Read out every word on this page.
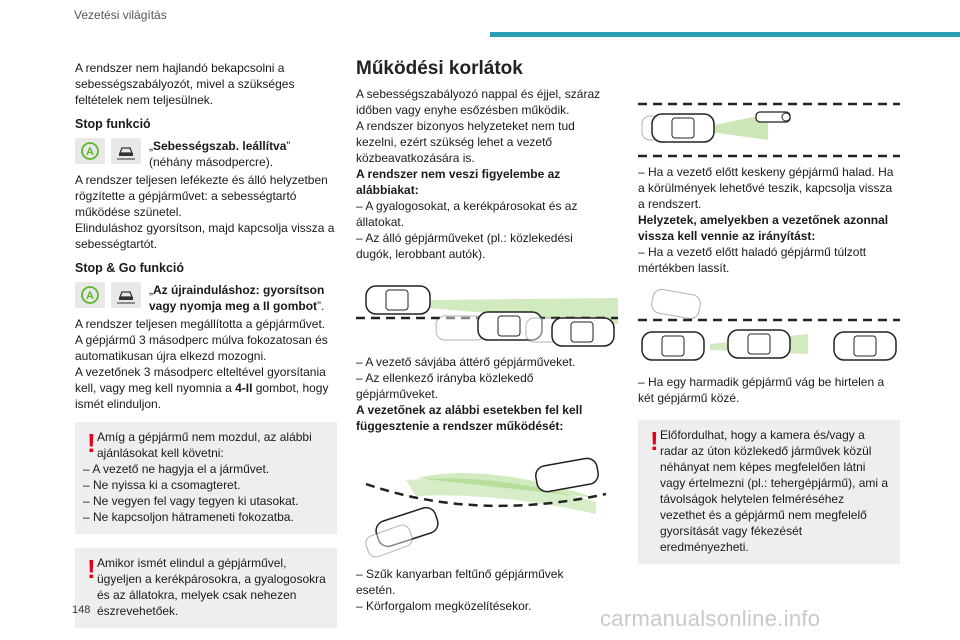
Vezetési világítás

A rendszer nem hajlandó bekapcsolni a sebességszabályozót, mivel a szükséges feltételek nem teljesülnek.

Stop funkció

A	„Sebességszab. leállítva” (néhány másodpercre).

A rendszer teljesen lefékezte és álló helyzetben rögzítette a gépjárművet: a sebességtartó működése szünetel.

Elinduláshoz gyorsítson, majd kapcsolja vissza a sebességtartót.

Stop & Go funkció

A	„Az újrainduláshoz: gyorsítson vagy nyomja meg a II gombot”.

A rendszer teljesen megállította a gépjárművet.

A gépjármű 3 másodperc múlva fokozatosan és automatikusan újra elkezd mozogni.

A vezetőnek 3 másodperc elteltével gyorsítania kell, vagy meg kell nyomnia a 4-II gombot, hogy ismét elinduljon.

! Amíg a gépjármű nem mozdul, az alábbi ajánlásokat kell követni:
– A vezető ne hagyja el a járművet.
– Ne nyissa ki a csomagteret.
– Ne vegyen fel vagy tegyen ki utasokat.
– Ne kapcsoljon hátrameneti fokozatba.
! Amikor ismét elindul a gépjárművel, ügyeljen a kerékpárosokra, a gyalogosokra és az állatokra, melyek csak nehezen észrevehetőek.

Működési korlátok

A sebességszabályozó nappal és éjjel, száraz időben vagy enyhe esőzésben működik.

A rendszer bizonyos helyzeteket nem tud kezelni, ezért szükség lehet a vezető közbeavatkozására is.

A rendszer nem veszi figyelembe az alábbiakat:

– A gyalogosokat, a kerékpárosokat és az állatokat.

– Az álló gépjárműveket (pl.: közlekedési dugók, lerobbant autók).

– A vezető sávjába áttérő gépjárműveket.

– Az ellenkező irányba közlekedő gépjárműveket.

A vezetőnek az alábbi esetekben fel kell függesztenie a rendszer működését:

– Szűk kanyarban feltűnő gépjárművek esetén.

– Körforgalom megközelítésekor.

– Ha a vezető előtt keskeny gépjármű halad. Ha a körülmények lehetővé teszik, kapcsolja vissza a rendszert.

Helyzetek, amelyekben a vezetőnek azonnal vissza kell vennie az irányítást:

– Ha a vezető előtt haladó gépjármű túlzott mértékben lassít.

– Ha egy harmadik gépjármű vág be hirtelen a két gépjármű közé.

! Előfordulhat, hogy a kamera és/vagy a radar az úton közlekedő járművek közül néhányat nem képes megfelelően látni vagy értelmezni (pl.: tehergépjármű), ami a távolságok helytelen felméréséhez vezethet és a gépjármű nem megfelelő gyorsítását vagy fékezését eredményezheti.
148	carmanualsonline.info
